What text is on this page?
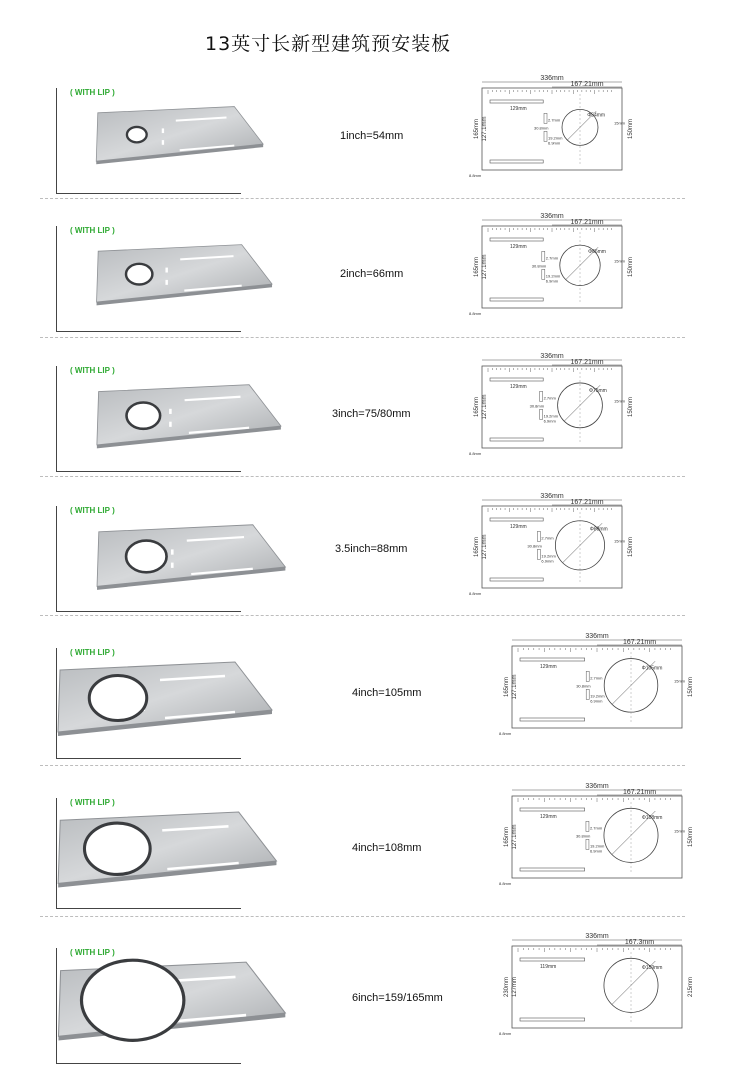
13英寸长新型建筑预安装板
( WITH LIP )
1inch=54mm
336mm
167.21mm
129mm
Φ54mm
165mm 127.1mm	150mm
8.8mm
30.8mm
2.7mm
19.2mm
6.9mm
15mm
( WITH LIP )
2inch=66mm
336mm
167.21mm
129mm
Φ66mm
165mm 127.1mm	150mm
8.8mm
30.8mm
2.7mm
19.2mm
6.9mm
15mm
( WITH LIP )
3inch=75/80mm
336mm
167.21mm
129mm
Φ75mm
165mm 127.1mm	150mm
8.8mm
30.8mm
2.7mm
19.2mm
6.9mm
15mm
( WITH LIP )
3.5inch=88mm
336mm
167.21mm
129mm	Φ88mm
165mm 127.1mm	150mm
8.8mm
30.8mm
2.7mm
19.2mm
6.9mm
15mm
( WITH LIP )
4inch=105mm
336mm
167.21mm
129mm	Φ105mm
165mm 127.1mm	150mm
8.8mm
30.8mm
2.7mm
19.2mm
6.9mm
15mm
( WITH LIP )
4inch=108mm
336mm
167.21mm
129mm	Φ108mm
165mm 127.1mm	150mm
8.8mm
30.8mm
2.7mm
19.2mm
6.9mm
15mm
( WITH LIP )
6inch=159/165mm
336mm
167.3mm
119mm	Φ159mm
230mm 127mm	215mm
8.8mm
